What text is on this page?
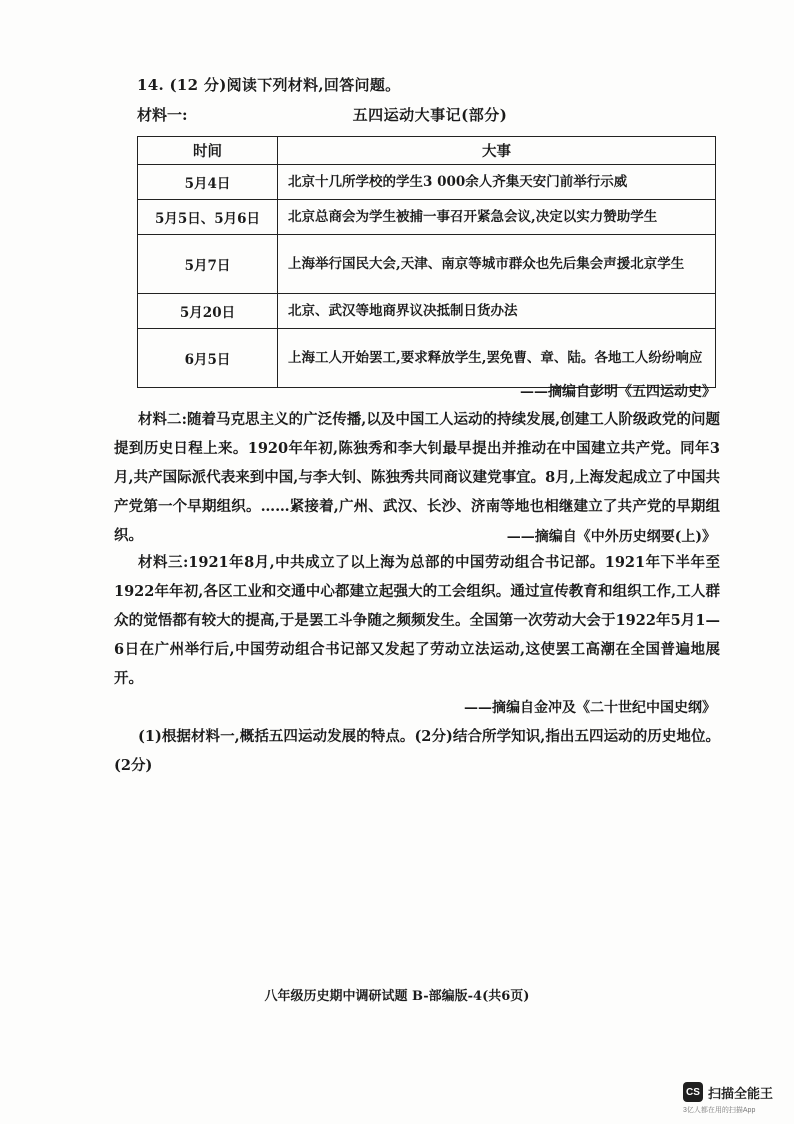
14. (12 分)阅读下列材料,回答问题。
材料一:	五四运动大事记(部分)
时间	大事
5月4日	北京十几所学校的学生3 000余人齐集天安门前举行示威
5月5日、5月6日	北京总商会为学生被捕一事召开紧急会议,决定以实力赞助学生
5月7日	上海举行国民大会,天津、南京等城市群众也先后集会声援北京学生
5月20日	北京、武汉等地商界议决抵制日货办法
6月5日	上海工人开始罢工,要求释放学生,罢免曹、章、陆。各地工人纷纷响应
——摘编自彭明《五四运动史》

材料二:随着马克思主义的广泛传播,以及中国工人运动的持续发展,创建工人阶级政党的问题提到历史日程上来。1920年年初,陈独秀和李大钊最早提出并推动在中国建立共产党。同年3月,共产国际派代表来到中国,与李大钊、陈独秀共同商议建党事宜。8月,上海发起成立了中国共产党第一个早期组织。……紧接着,广州、武汉、长沙、济南等地也相继建立了共产党的早期组织。	——摘编自《中外历史纲要(上)》

材料三:1921年8月,中共成立了以上海为总部的中国劳动组合书记部。1921年下半年至1922年年初,各区工业和交通中心都建立起强大的工会组织。通过宣传教育和组织工作,工人群众的觉悟都有较大的提高,于是罢工斗争随之频频发生。全国第一次劳动大会于1922年5月1—6日在广州举行后,中国劳动组合书记部又发起了劳动立法运动,这使罢工高潮在全国普遍地展开。

——摘编自金冲及《二十世纪中国史纲》

(1)根据材料一,概括五四运动发展的特点。(2分)结合所学知识,指出五四运动的历史地位。(2分)

八年级历史期中调研试题 B-部编版-4(共6页)
CS 扫描全能王
3亿人都在用的扫描App
